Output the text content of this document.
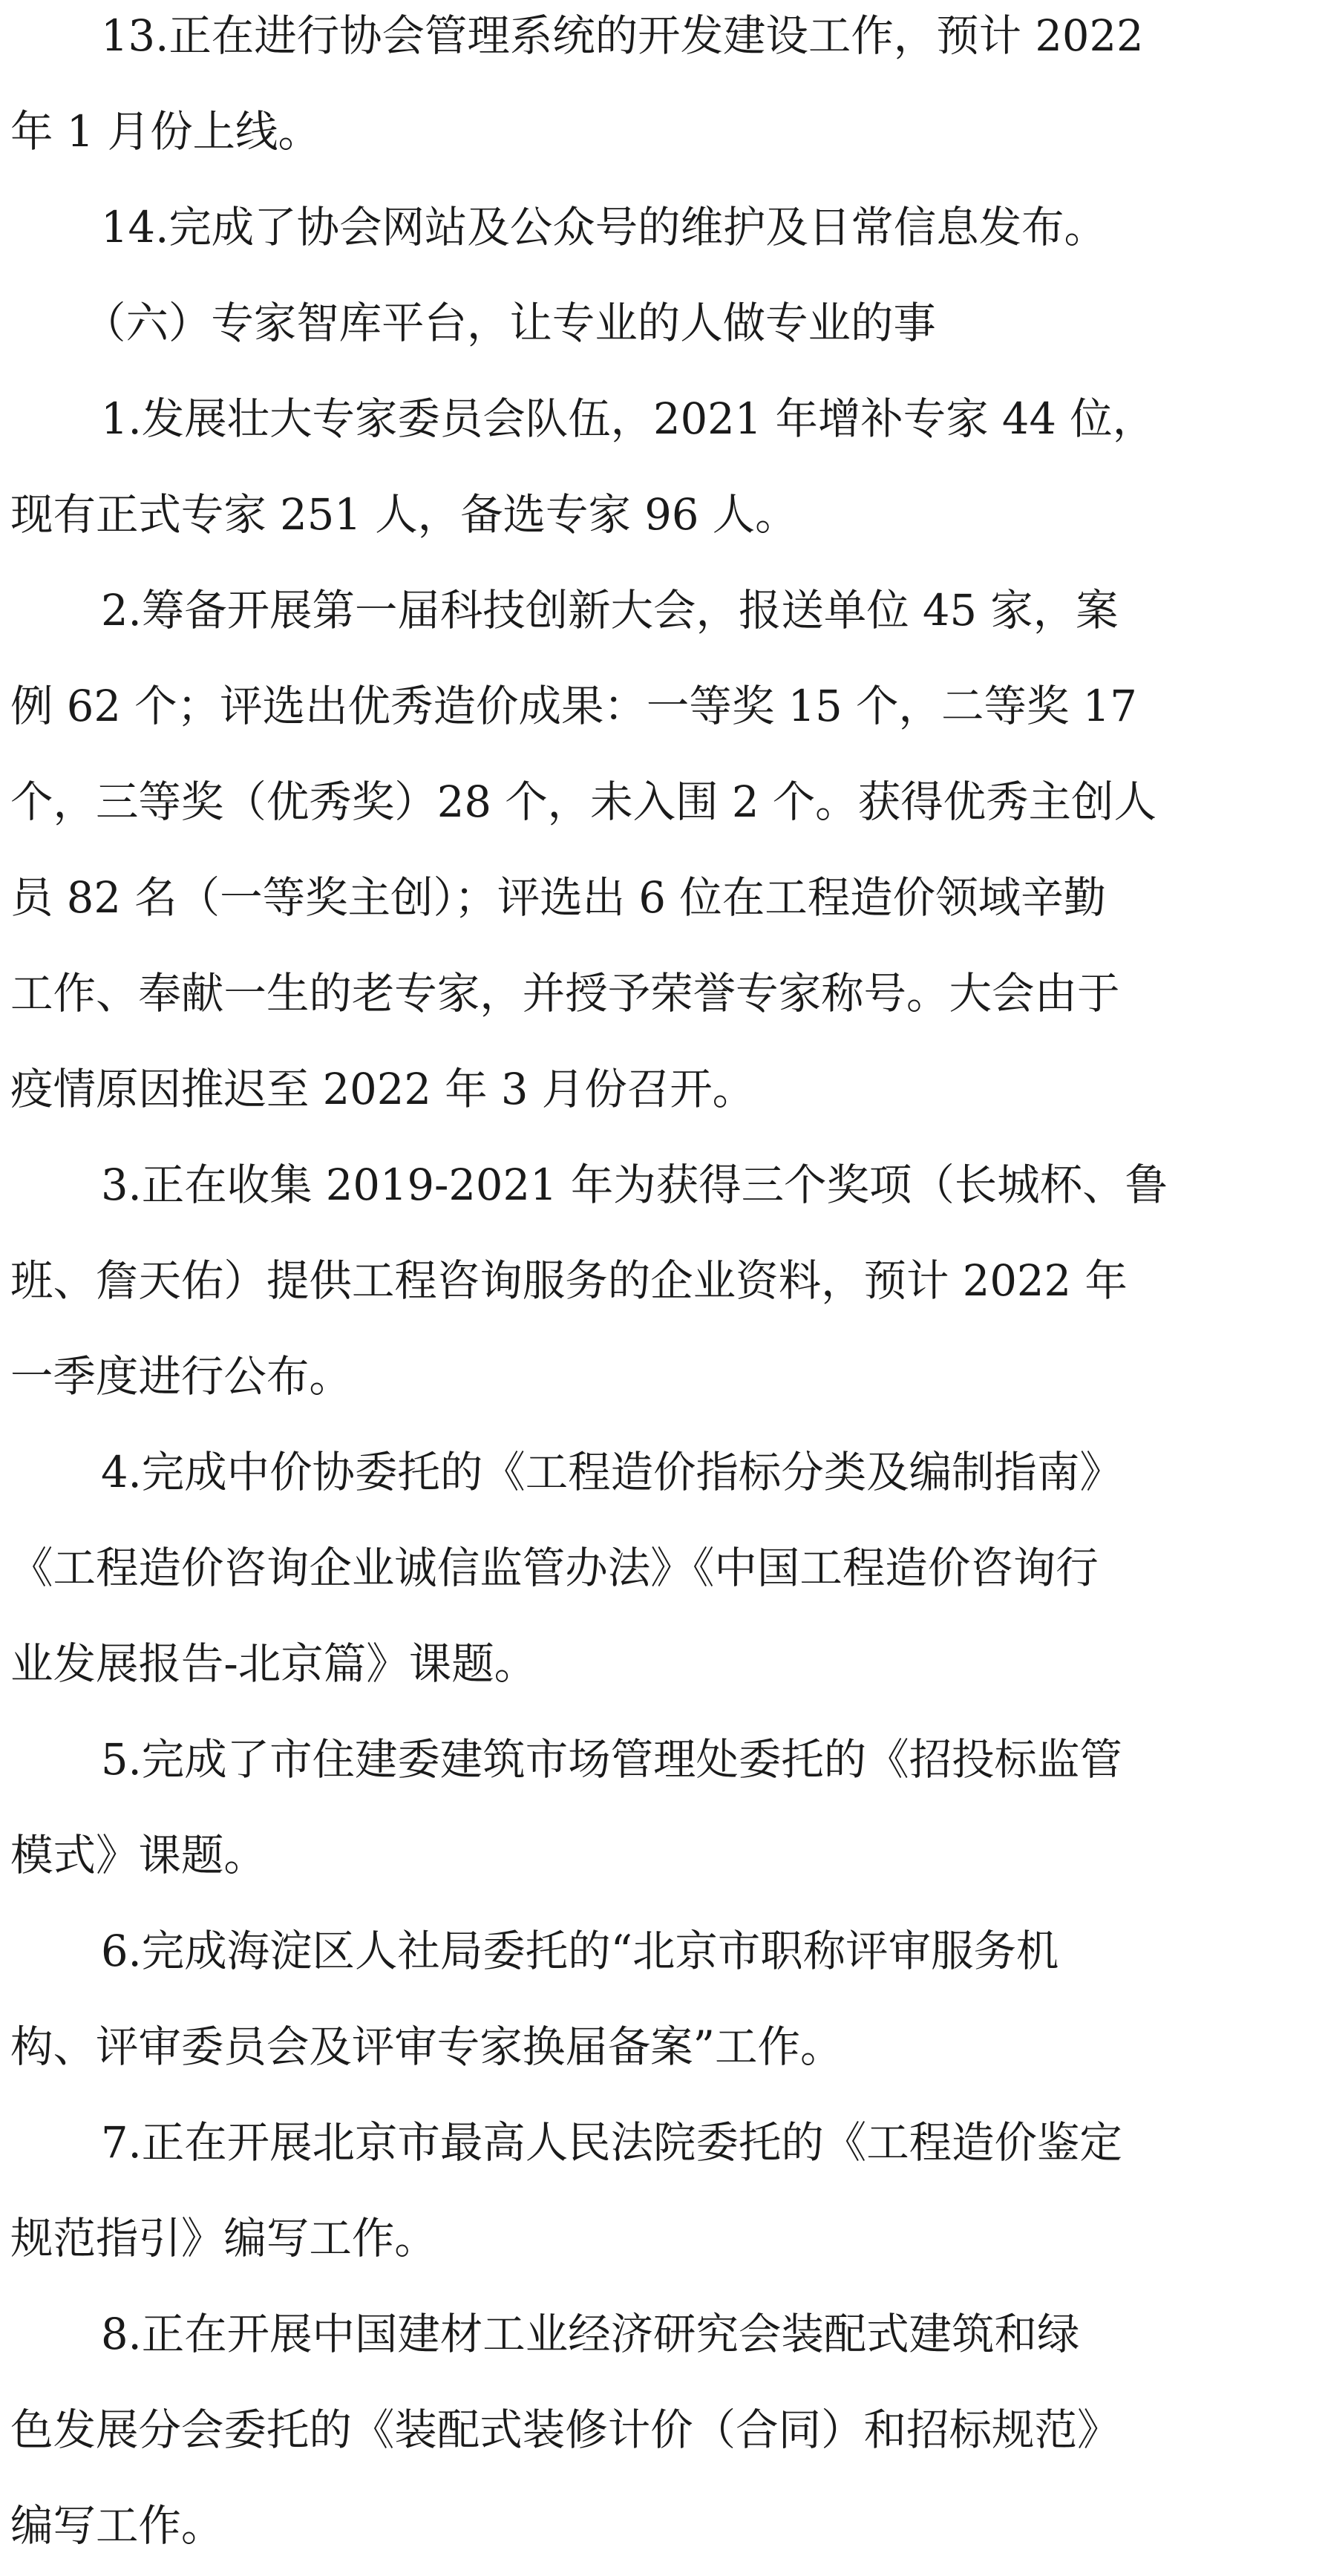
13.正在进行协会管理系统的开发建设工作，预计 2022
年 1 月份上线。
14.完成了协会网站及公众号的维护及日常信息发布。
（六）专家智库平台，让专业的人做专业的事
1.发展壮大专家委员会队伍，2021 年增补专家 44 位，
现有正式专家 251 人，备选专家 96 人。
2.筹备开展第一届科技创新大会，报送单位 45 家，案
例 62 个；评选出优秀造价成果：一等奖 15 个，二等奖 17
个，三等奖（优秀奖）28 个，未入围 2 个。获得优秀主创人
员 82 名（一等奖主创）；评选出 6 位在工程造价领域辛勤
工作、奉献一生的老专家，并授予荣誉专家称号。大会由于
疫情原因推迟至 2022 年 3 月份召开。
3.正在收集 2019-2021 年为获得三个奖项（长城杯、鲁
班、詹天佑）提供工程咨询服务的企业资料，预计 2022 年
一季度进行公布。
4.完成中价协委托的《工程造价指标分类及编制指南》
《工程造价咨询企业诚信监管办法》《中国工程造价咨询行
业发展报告-北京篇》课题。
5.完成了市住建委建筑市场管理处委托的《招投标监管
模式》课题。
6.完成海淀区人社局委托的“北京市职称评审服务机
构、评审委员会及评审专家换届备案”工作。
7.正在开展北京市最高人民法院委托的《工程造价鉴定
规范指引》编写工作。
8.正在开展中国建材工业经济研究会装配式建筑和绿
色发展分会委托的《装配式装修计价（合同）和招标规范》
编写工作。
